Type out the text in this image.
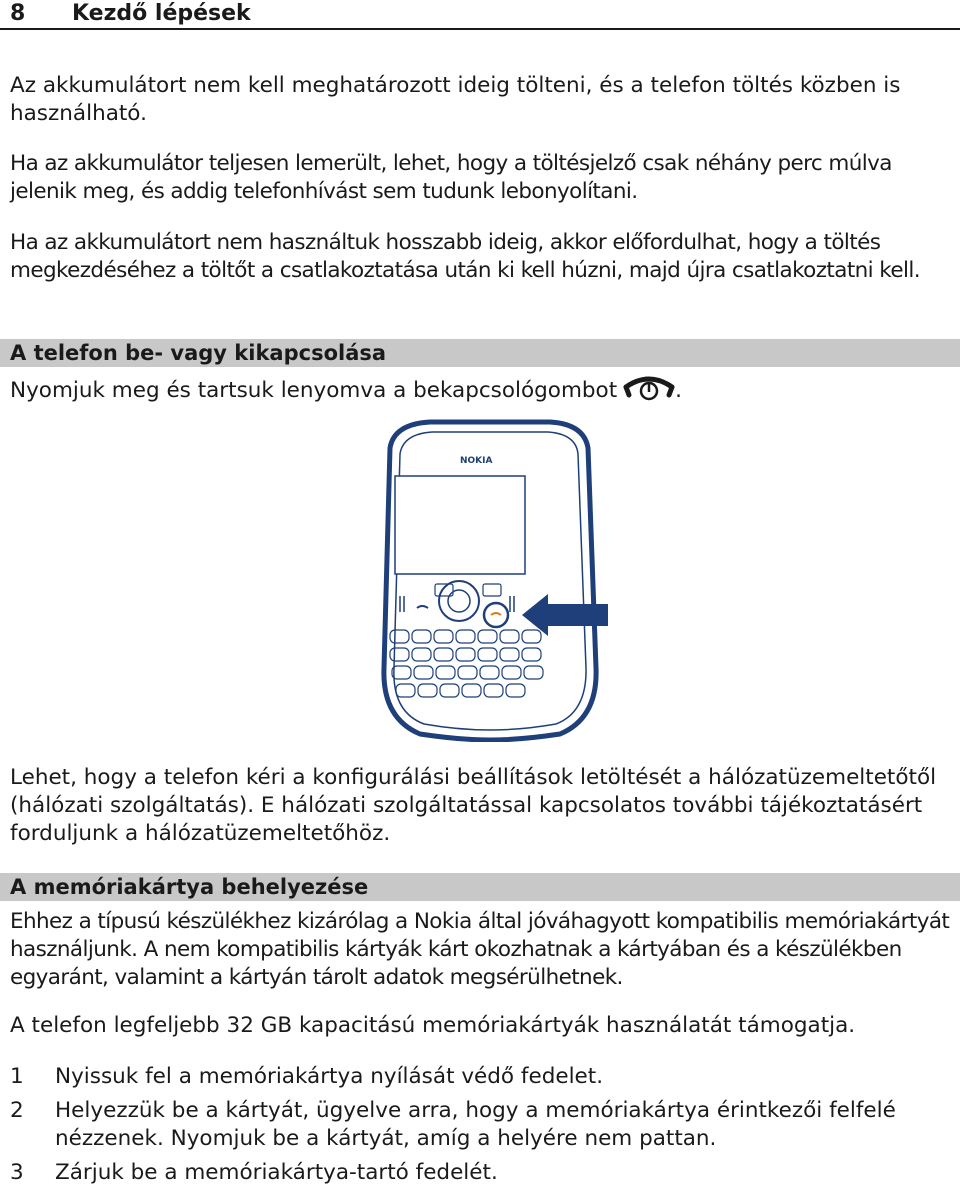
8 Kezdő lépések

Az akkumulátort nem kell meghatározott ideig tölteni, és a telefon töltés közben is használható.

Ha az akkumulátor teljesen lemerült, lehet, hogy a töltésjelző csak néhány perc múlva jelenik meg, és addig telefonhívást sem tudunk lebonyolítani.

Ha az akkumulátort nem használtuk hosszabb ideig, akkor előfordulhat, hogy a töltés megkezdéséhez a töltőt a csatlakoztatása után ki kell húzni, majd újra csatlakoztatni kell.

A telefon be- vagy kikapcsolása

Nyomjuk meg és tartsuk lenyomva a bekapcsológombot	.

NOKIA

Lehet, hogy a telefon kéri a konfigurálási beállítások letöltését a hálózatüzemeltetőtől (hálózati szolgáltatás). E hálózati szolgáltatással kapcsolatos további tájékoztatásért forduljunk a hálózatüzemeltetőhöz.

A memóriakártya behelyezése

Ehhez a típusú készülékhez kizárólag a Nokia által jóváhagyott kompatibilis memóriakártyát használjunk. A nem kompatibilis kártyák kárt okozhatnak a kártyában és a készülékben egyaránt, valamint a kártyán tárolt adatok megsérülhetnek.

A telefon legfeljebb 32 GB kapacitású memóriakártyák használatát támogatja.

1 Nyissuk fel a memóriakártya nyílását védő fedelet.
2 Helyezzük be a kártyát, ügyelve arra, hogy a memóriakártya érintkezői felfelé nézzenek. Nyomjuk be a kártyát, amíg a helyére nem pattan.
3 Zárjuk be a memóriakártya-tartó fedelét.
